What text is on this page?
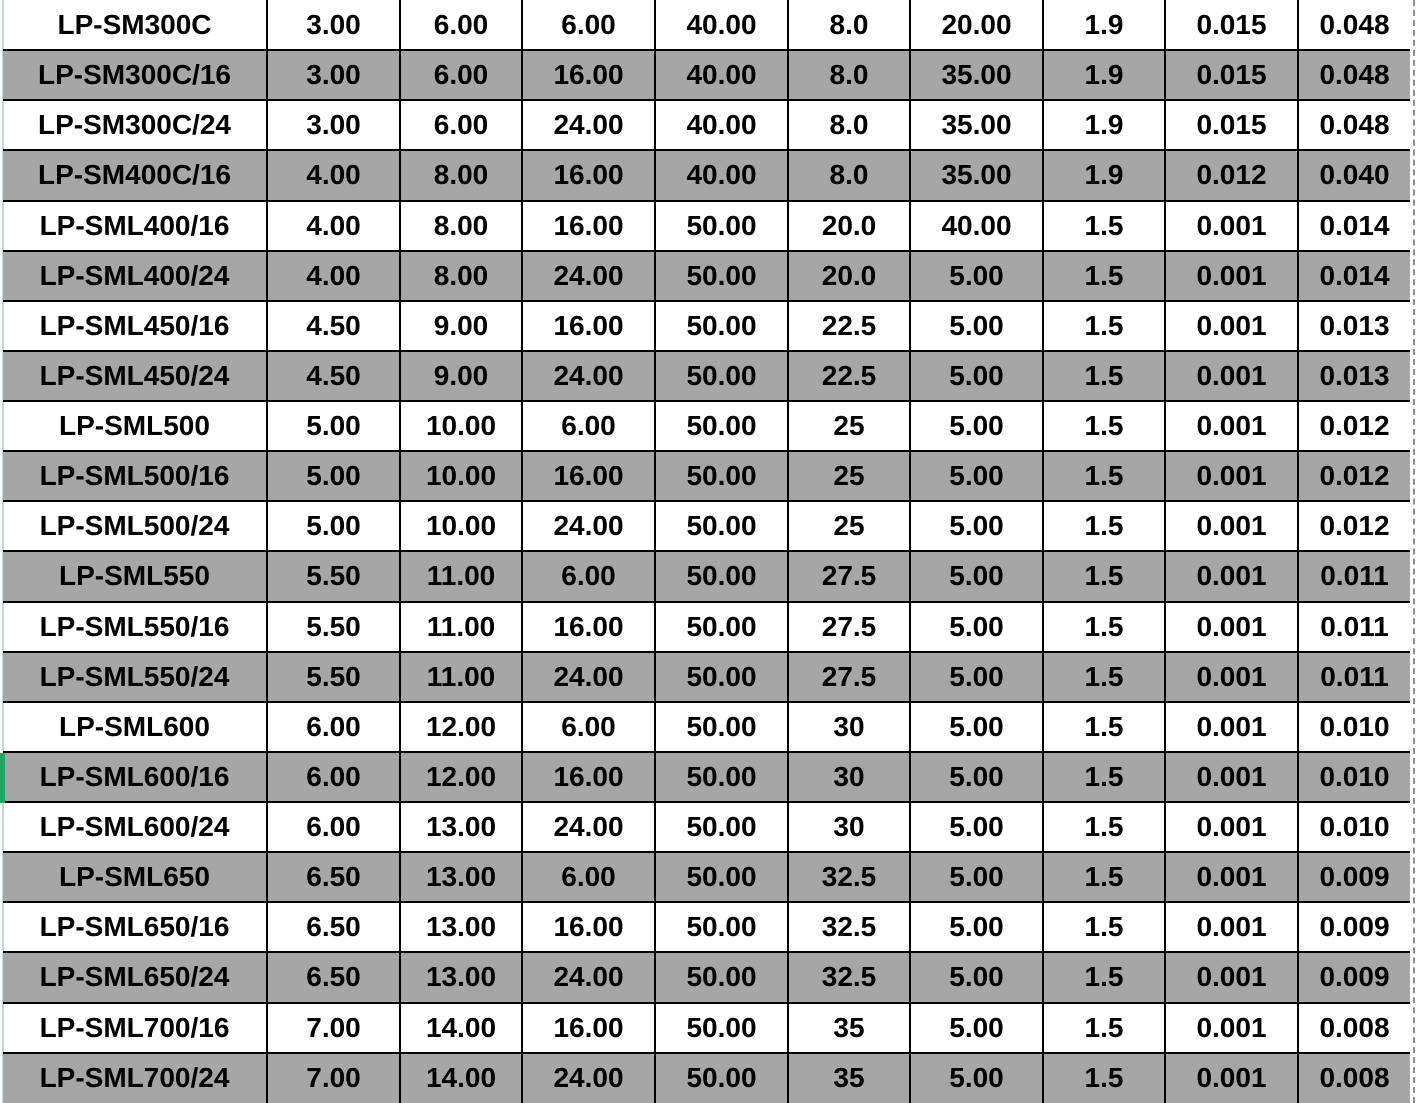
LP-SM300C	3.00	6.00	6.00	40.00	8.0	20.00	1.9	0.015	0.048
LP-SM300C/16	3.00	6.00	16.00	40.00	8.0	35.00	1.9	0.015	0.048
LP-SM300C/24	3.00	6.00	24.00	40.00	8.0	35.00	1.9	0.015	0.048
LP-SM400C/16	4.00	8.00	16.00	40.00	8.0	35.00	1.9	0.012	0.040
LP-SML400/16	4.00	8.00	16.00	50.00	20.0	40.00	1.5	0.001	0.014
LP-SML400/24	4.00	8.00	24.00	50.00	20.0	5.00	1.5	0.001	0.014
LP-SML450/16	4.50	9.00	16.00	50.00	22.5	5.00	1.5	0.001	0.013
LP-SML450/24	4.50	9.00	24.00	50.00	22.5	5.00	1.5	0.001	0.013
LP-SML500	5.00	10.00	6.00	50.00	25	5.00	1.5	0.001	0.012
LP-SML500/16	5.00	10.00	16.00	50.00	25	5.00	1.5	0.001	0.012
LP-SML500/24	5.00	10.00	24.00	50.00	25	5.00	1.5	0.001	0.012
LP-SML550	5.50	11.00	6.00	50.00	27.5	5.00	1.5	0.001	0.011
LP-SML550/16	5.50	11.00	16.00	50.00	27.5	5.00	1.5	0.001	0.011
LP-SML550/24	5.50	11.00	24.00	50.00	27.5	5.00	1.5	0.001	0.011
LP-SML600	6.00	12.00	6.00	50.00	30	5.00	1.5	0.001	0.010
LP-SML600/16	6.00	12.00	16.00	50.00	30	5.00	1.5	0.001	0.010
LP-SML600/24	6.00	13.00	24.00	50.00	30	5.00	1.5	0.001	0.010
LP-SML650	6.50	13.00	6.00	50.00	32.5	5.00	1.5	0.001	0.009
LP-SML650/16	6.50	13.00	16.00	50.00	32.5	5.00	1.5	0.001	0.009
LP-SML650/24	6.50	13.00	24.00	50.00	32.5	5.00	1.5	0.001	0.009
LP-SML700/16	7.00	14.00	16.00	50.00	35	5.00	1.5	0.001	0.008
LP-SML700/24	7.00	14.00	24.00	50.00	35	5.00	1.5	0.001	0.008
